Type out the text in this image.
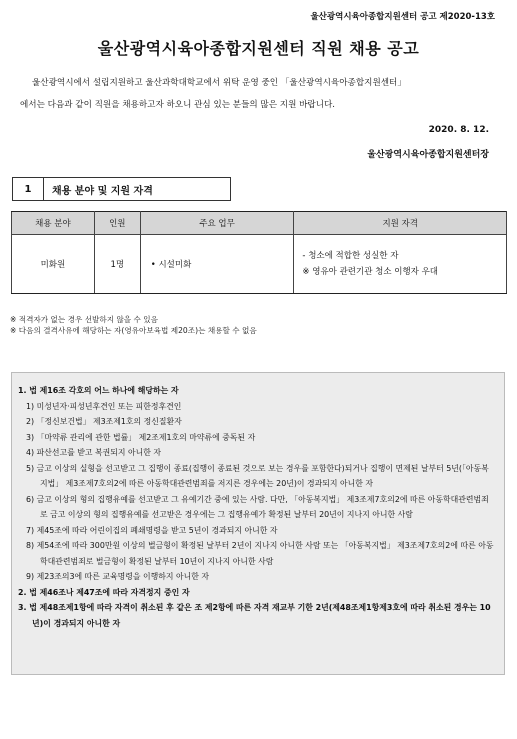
울산광역시육아종합지원센터 공고 제2020-13호
울산광역시육아종합지원센터 직원 채용 공고

울산광역시에서 설립지원하고 울산과학대학교에서 위탁 운영 중인 「울산광역시육아종합지원센터」

에서는 다음과 같이 직원을 채용하고자 하오니 관심 있는 분들의 많은 지원 바랍니다.

2020. 8. 12.
울산광역시육아종합지원센터장
1	채용 분야 및 지원 자격
채용 분야	인원	주요 업무	지원 자격
미화원	1명	• 시설미화	- 청소에 적합한 성실한 자
※ 영유아 관련기관 청소 이행자 우대

※ 적격자가 없는 경우 선발하지 않을 수 있음

※ 다음의 결격사유에 해당하는 자(영유아보육법 제20조)는 채용할 수 없음

1. 법 제16조 각호의 어느 하나에 해당하는 자

1) 미성년자·피성년후견인 또는 피한정후견인

2) 「정신보건법」 제3조제1호의 정신질환자

3) 「마약류 관리에 관한 법률」 제2조제1호의 마약류에 중독된 자

4) 파산선고를 받고 복권되지 아니한 자

5) 금고 이상의 실형을 선고받고 그 집행이 종료(집행이 종료된 것으로 보는 경우를 포함한다)되거나 집행이 면제된 날부터 5년(「아동복지법」 제3조제7호의2에 따른 아동학대관련범죄를 저지른 경우에는 20년)이 경과되지 아니한 자

6) 금고 이상의 형의 집행유예를 선고받고 그 유예기간 중에 있는 사람. 다만, 「아동복지법」 제3조제7호의2에 따른 아동학대관련범죄로 금고 이상의 형의 집행유예를 선고받은 경우에는 그 집행유예가 확정된 날부터 20년이 지나지 아니한 사람

7) 제45조에 따라 어린이집의 폐쇄명령을 받고 5년이 경과되지 아니한 자

8) 제54조에 따라 300만원 이상의 벌금형이 확정된 날부터 2년이 지나지 아니한 사람 또는 「아동복지법」 제3조제7호의2에 따른 아동학대관련범죄로 벌금형이 확정된 날부터 10년이 지나지 아니한 사람

9) 제23조의3에 따른 교육명령을 이행하지 아니한 자

2. 법 제46조나 제47조에 따라 자격정지 중인 자

3. 법 제48조제1항에 따라 자격이 취소된 후 같은 조 제2항에 따른 자격 재교부 기한 2년(제48조제1항제3호에 따라 취소된 경우는 10년)이 경과되지 아니한 자
